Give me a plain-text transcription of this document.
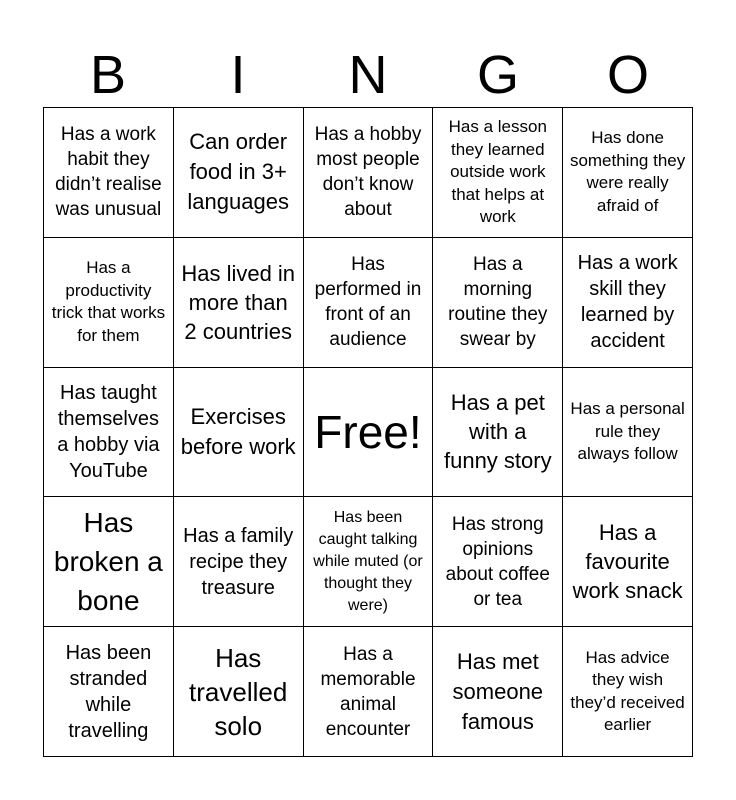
B	I	N	G	O
Has a work habit they didn’t realise was unusual
Can order food in 3+ languages
Has a hobby most people don’t know about
Has a lesson they learned outside work that helps at work
Has done something they were really afraid of
Has a productivity trick that works for them
Has lived in more than 2 countries
Has performed in front of an audience
Has a morning routine they swear by
Has a work skill they learned by accident
Has taught themselves a hobby via YouTube
Exercises before work Free!
Has a pet with a funny story
Has a personal rule they always follow
Has broken a bone
Has a family recipe they treasure
Has been caught talking while muted (or thought they were)
Has strong opinions about coffee or tea
Has a favourite work snack
Has been stranded while travelling
Has travelled solo
Has a memorable animal encounter
Has met someone famous
Has advice they wish they’d received earlier
